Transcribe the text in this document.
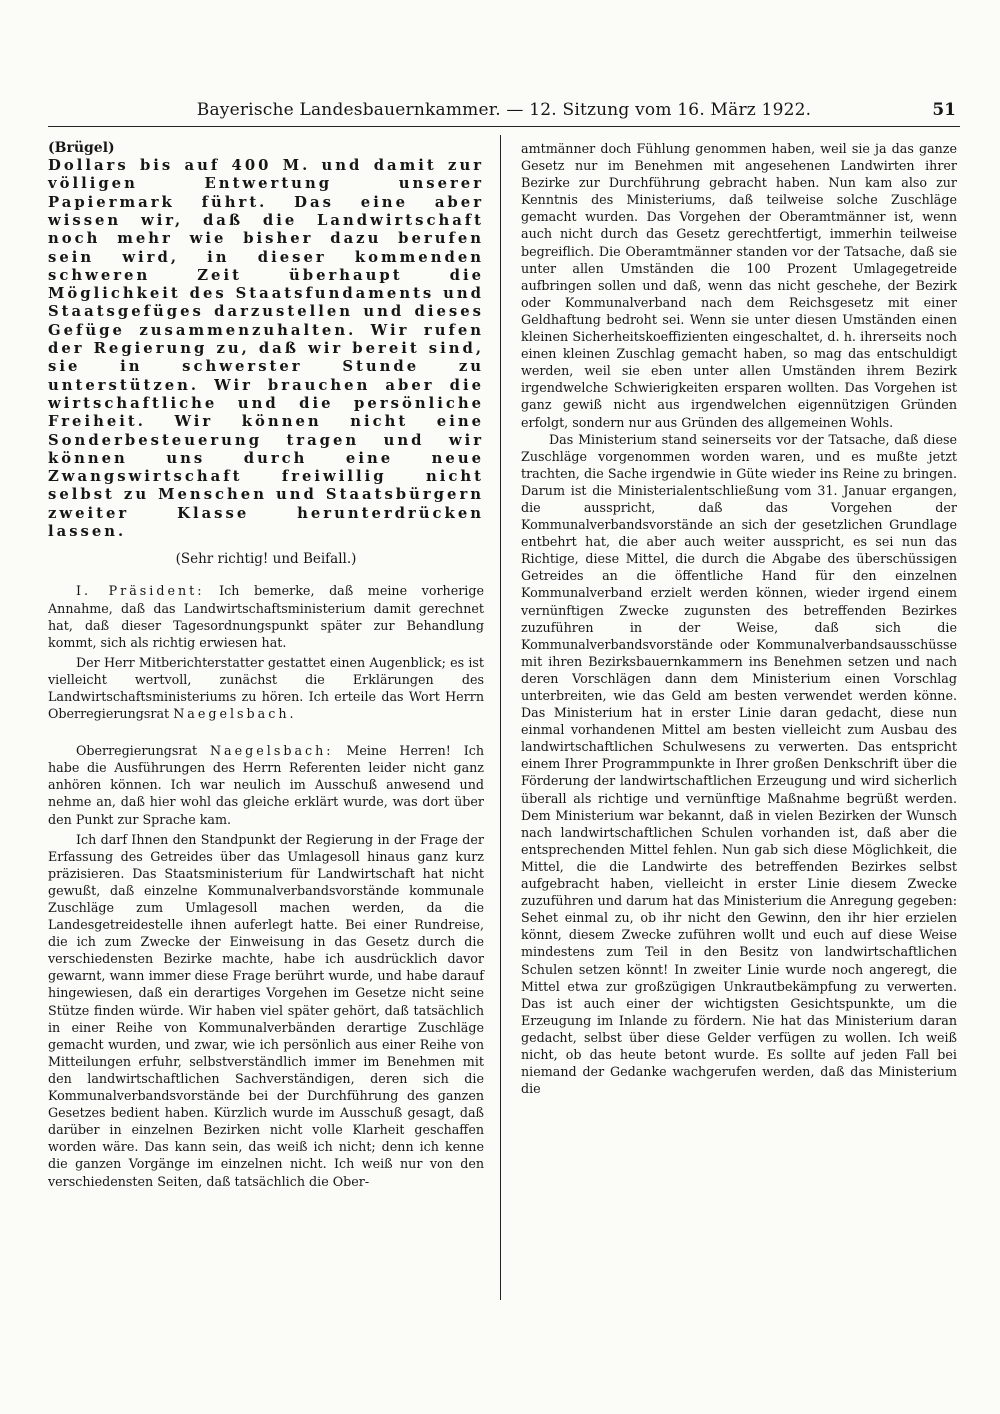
Bayerische Landesbauernkammer. — 12. Sitzung vom 16. März 1922.	51

(Brügel)

Dollars bis auf 400 M. und damit zur völligen Entwertung unserer Papiermark führt. Das eine aber wissen wir, daß die Landwirtschaft noch mehr wie bisher dazu berufen sein wird, in dieser kommenden schweren Zeit überhaupt die Möglichkeit des Staatsfundaments und Staatsgefüges darzustellen und dieses Gefüge zusammenzuhalten. Wir rufen der Regierung zu, daß wir bereit sind, sie in schwerster Stunde zu unterstützen. Wir brauchen aber die wirtschaftliche und die persönliche Freiheit. Wir können nicht eine Sonderbesteuerung tragen und wir können uns durch eine neue Zwangswirtschaft freiwillig nicht selbst zu Menschen und Staatsbürgern zweiter Klasse herunterdrücken lassen.

(Sehr richtig! und Beifall.)

I. Präsident: Ich bemerke, daß meine vorherige Annahme, daß das Landwirtschaftsministerium damit gerechnet hat, daß dieser Tagesordnungspunkt später zur Behandlung kommt, sich als richtig erwiesen hat.

Der Herr Mitberichterstatter gestattet einen Augenblick; es ist vielleicht wertvoll, zunächst die Erklärungen des Landwirtschaftsministeriums zu hören. Ich erteile das Wort Herrn Oberregierungsrat Naegelsbach.

Oberregierungsrat Naegelsbach: Meine Herren! Ich habe die Ausführungen des Herrn Referenten leider nicht ganz anhören können. Ich war neulich im Ausschuß anwesend und nehme an, daß hier wohl das gleiche erklärt wurde, was dort über den Punkt zur Sprache kam.

Ich darf Ihnen den Standpunkt der Regierung in der Frage der Erfassung des Getreides über das Umlagesoll hinaus ganz kurz präzisieren. Das Staatsministerium für Landwirtschaft hat nicht gewußt, daß einzelne Kommunalverbandsvorstände kommunale Zuschläge zum Umlagesoll machen werden, da die Landesgetreidestelle ihnen auferlegt hatte. Bei einer Rundreise, die ich zum Zwecke der Einweisung in das Gesetz durch die verschiedensten Bezirke machte, habe ich ausdrücklich davor gewarnt, wann immer diese Frage berührt wurde, und habe darauf hingewiesen, daß ein derartiges Vorgehen im Gesetze nicht seine Stütze finden würde. Wir haben viel später gehört, daß tatsächlich in einer Reihe von Kommunalverbänden derartige Zuschläge gemacht wurden, und zwar, wie ich persönlich aus einer Reihe von Mitteilungen erfuhr, selbstverständlich immer im Benehmen mit den landwirtschaftlichen Sachverständigen, deren sich die Kommunalverbandsvorstände bei der Durchführung des ganzen Gesetzes bedient haben. Kürzlich wurde im Ausschuß gesagt, daß darüber in einzelnen Bezirken nicht volle Klarheit geschaffen worden wäre. Das kann sein, das weiß ich nicht; denn ich kenne die ganzen Vorgänge im einzelnen nicht. Ich weiß nur von den verschiedensten Seiten, daß tatsächlich die Ober-

amtmänner doch Fühlung genommen haben, weil sie ja das ganze Gesetz nur im Benehmen mit angesehenen Landwirten ihrer Bezirke zur Durchführung gebracht haben. Nun kam also zur Kenntnis des Ministeriums, daß teilweise solche Zuschläge gemacht wurden. Das Vorgehen der Oberamtmänner ist, wenn auch nicht durch das Gesetz gerechtfertigt, immerhin teilweise begreiflich. Die Oberamtmänner standen vor der Tatsache, daß sie unter allen Umständen die 100 Prozent Umlagegetreide aufbringen sollen und daß, wenn das nicht geschehe, der Bezirk oder Kommunalverband nach dem Reichsgesetz mit einer Geldhaftung bedroht sei. Wenn sie unter diesen Umständen einen kleinen Sicherheitskoeffizienten eingeschaltet, d. h. ihrerseits noch einen kleinen Zuschlag gemacht haben, so mag das entschuldigt werden, weil sie eben unter allen Umständen ihrem Bezirk irgendwelche Schwierigkeiten ersparen wollten. Das Vorgehen ist ganz gewiß nicht aus irgendwelchen eigennützigen Gründen erfolgt, sondern nur aus Gründen des allgemeinen Wohls.

Das Ministerium stand seinerseits vor der Tatsache, daß diese Zuschläge vorgenommen worden waren, und es mußte jetzt trachten, die Sache irgendwie in Güte wieder ins Reine zu bringen. Darum ist die Ministerialentschließung vom 31. Januar ergangen, die ausspricht, daß das Vorgehen der Kommunalverbandsvorstände an sich der gesetzlichen Grundlage entbehrt hat, die aber auch weiter ausspricht, es sei nun das Richtige, diese Mittel, die durch die Abgabe des überschüssigen Getreides an die öffentliche Hand für den einzelnen Kommunalverband erzielt werden können, wieder irgend einem vernünftigen Zwecke zugunsten des betreffenden Bezirkes zuzuführen in der Weise, daß sich die Kommunalverbandsvorstände oder Kommunalverbandsausschüsse mit ihren Bezirksbauernkammern ins Benehmen setzen und nach deren Vorschlägen dann dem Ministerium einen Vorschlag unterbreiten, wie das Geld am besten verwendet werden könne. Das Ministerium hat in erster Linie daran gedacht, diese nun einmal vorhandenen Mittel am besten vielleicht zum Ausbau des landwirtschaftlichen Schulwesens zu verwerten. Das entspricht einem Ihrer Programmpunkte in Ihrer großen Denkschrift über die Förderung der landwirtschaftlichen Erzeugung und wird sicherlich überall als richtige und vernünftige Maßnahme begrüßt werden. Dem Ministerium war bekannt, daß in vielen Bezirken der Wunsch nach landwirtschaftlichen Schulen vorhanden ist, daß aber die entsprechenden Mittel fehlen. Nun gab sich diese Möglichkeit, die Mittel, die die Landwirte des betreffenden Bezirkes selbst aufgebracht haben, vielleicht in erster Linie diesem Zwecke zuzuführen und darum hat das Ministerium die Anregung gegeben: Sehet einmal zu, ob ihr nicht den Gewinn, den ihr hier erzielen könnt, diesem Zwecke zuführen wollt und euch auf diese Weise mindestens zum Teil in den Besitz von landwirtschaftlichen Schulen setzen könnt! In zweiter Linie wurde noch angeregt, die Mittel etwa zur großzügigen Unkrautbekämpfung zu verwerten. Das ist auch einer der wichtigsten Gesichtspunkte, um die Erzeugung im Inlande zu fördern. Nie hat das Ministerium daran gedacht, selbst über diese Gelder verfügen zu wollen. Ich weiß nicht, ob das heute betont wurde. Es sollte auf jeden Fall bei niemand der Gedanke wachgerufen werden, daß das Ministerium die
